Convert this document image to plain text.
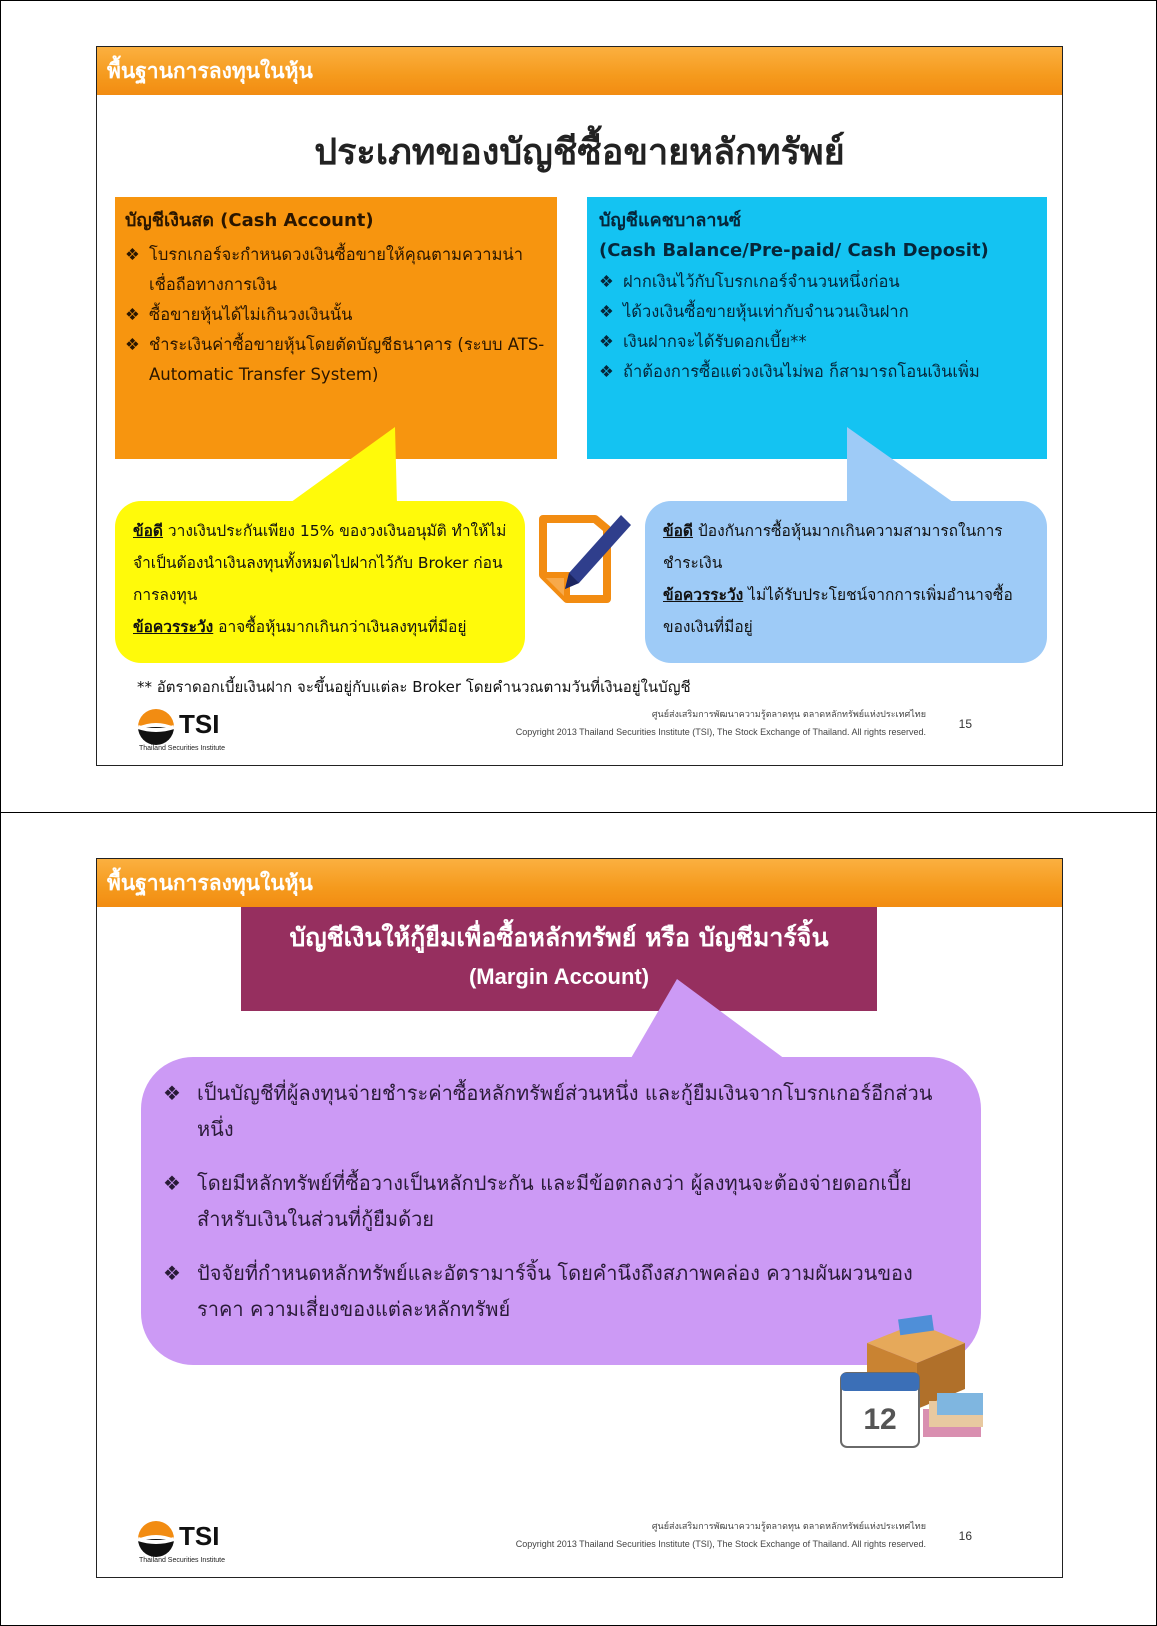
พื้นฐานการลงทุนในหุ้น
ประเภทของบัญชีซื้อขายหลักทรัพย์
บัญชีเงินสด (Cash Account)
❖ โบรกเกอร์จะกำหนดวงเงินซื้อขายให้คุณตามความน่าเชื่อถือทางการเงิน
❖ ซื้อขายหุ้นได้ไม่เกินวงเงินนั้น
❖ ชำระเงินค่าซื้อขายหุ้นโดยตัดบัญชีธนาคาร (ระบบ ATS-Automatic Transfer System)
บัญชีแคชบาลานซ์
(Cash Balance/Pre-paid/ Cash Deposit)
❖ ฝากเงินไว้กับโบรกเกอร์จำนวนหนึ่งก่อน
❖ ได้วงเงินซื้อขายหุ้นเท่ากับจำนวนเงินฝาก
❖ เงินฝากจะได้รับดอกเบี้ย**
❖ ถ้าต้องการซื้อแต่วงเงินไม่พอ ก็สามารถโอนเงินเพิ่ม
ข้อดี วางเงินประกันเพียง 15% ของวงเงินอนุมัติ ทำให้ไม่จำเป็นต้องนำเงินลงทุนทั้งหมดไปฝากไว้กับ Broker ก่อนการลงทุน
ข้อควรระวัง อาจซื้อหุ้นมากเกินกว่าเงินลงทุนที่มีอยู่
ข้อดี ป้องกันการซื้อหุ้นมากเกินความสามารถในการชำระเงิน
ข้อควรระวัง ไม่ได้รับประโยชน์จากการเพิ่มอำนาจซื้อของเงินที่มีอยู่
** อัตราดอกเบี้ยเงินฝาก จะขึ้นอยู่กับแต่ละ Broker โดยคำนวณตามวันที่เงินอยู่ในบัญชี
TSI
Thailand Securities Institute
ศูนย์ส่งเสริมการพัฒนาความรู้ตลาดทุน ตลาดหลักทรัพย์แห่งประเทศไทย
Copyright 2013 Thailand Securities Institute (TSI), The Stock Exchange of Thailand. All rights reserved.
15
พื้นฐานการลงทุนในหุ้น
บัญชีเงินให้กู้ยืมเพื่อซื้อหลักทรัพย์ หรือ บัญชีมาร์จิ้น
(Margin Account)
❖ เป็นบัญชีที่ผู้ลงทุนจ่ายชำระค่าซื้อหลักทรัพย์ส่วนหนึ่ง และกู้ยืมเงินจากโบรกเกอร์อีกส่วนหนึ่ง
❖ โดยมีหลักทรัพย์ที่ซื้อวางเป็นหลักประกัน และมีข้อตกลงว่า ผู้ลงทุนจะต้องจ่ายดอกเบี้ยสำหรับเงินในส่วนที่กู้ยืมด้วย
❖ ปัจจัยที่กำหนดหลักทรัพย์และอัตรามาร์จิ้น โดยคำนึงถึงสภาพคล่อง ความผันผวนของราคา ความเสี่ยงของแต่ละหลักทรัพย์
12
TSI
Thailand Securities Institute
ศูนย์ส่งเสริมการพัฒนาความรู้ตลาดทุน ตลาดหลักทรัพย์แห่งประเทศไทย
Copyright 2013 Thailand Securities Institute (TSI), The Stock Exchange of Thailand. All rights reserved.
16
